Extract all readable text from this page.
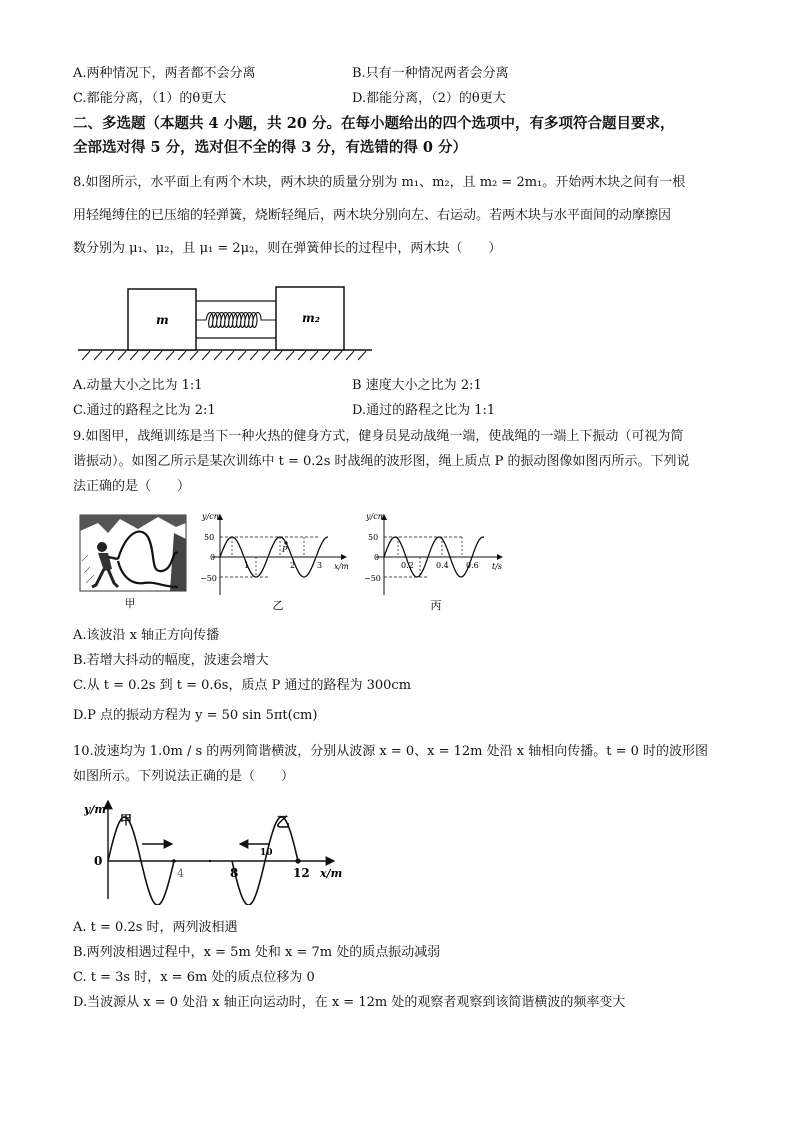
A.两种情况下，两者都不会分离	B.只有一种情况两者会分离
C.都能分离，（1）的θ更大	D.都能分离，（2）的θ更大
二、多选题（本题共 4 小题，共 20 分。在每小题给出的四个选项中，有多项符合题目要求，
全部选对得 5 分，选对但不全的得 3 分，有选错的得 0 分）
8.如图所示，水平面上有两个木块，两木块的质量分别为 m₁、m₂，且 m₂ = 2m₁。开始两木块之间有一根
用轻绳缚住的已压缩的轻弹簧，烧断轻绳后，两木块分别向左、右运动。若两木块与水平面间的动摩擦因
数分别为 μ₁、μ₂，且 μ₁ = 2μ₂，则在弹簧伸长的过程中，两木块（　　）
m	m₂
A.动量大小之比为 1:1	B 速度大小之比为 2:1
C.通过的路程之比为 2:1	D.通过的路程之比为 1:1
9.如图甲，战绳训练是当下一种火热的健身方式，健身员晃动战绳一端，使战绳的一端上下振动（可视为简
谐振动）。如图乙所示是某次训练中 t = 0.2s 时战绳的波形图，绳上质点 P 的振动图像如图丙所示。下列说
法正确的是（　　）
甲
y/cm
x/m
50
0
−50
P
1	2	3
乙
y/cm
t/s
50
0
−50
0.2	0.4 0.6
丙
A.该波沿 x 轴正方向传播
B.若增大抖动的幅度，波速会增大
C.从 t = 0.2s 到 t = 0.6s，质点 P 通过的路程为 300cm
D.P 点的振动方程为 y = 50 sin 5πt(cm)
10.波速均为 1.0m / s 的两列简谐横波，分别从波源 x = 0、x = 12m 处沿 x 轴相向传播。t = 0 时的波形图
如图所示。下列说法正确的是（　　）
y/m
x/m
0
甲	乙
10
4	8	12
A. t = 0.2s 时，两列波相遇
B.两列波相遇过程中，x = 5m 处和 x = 7m 处的质点振动减弱
C. t = 3s 时，x = 6m 处的质点位移为 0
D.当波源从 x = 0 处沿 x 轴正向运动时，在 x = 12m 处的观察者观察到该简谐横波的频率变大
